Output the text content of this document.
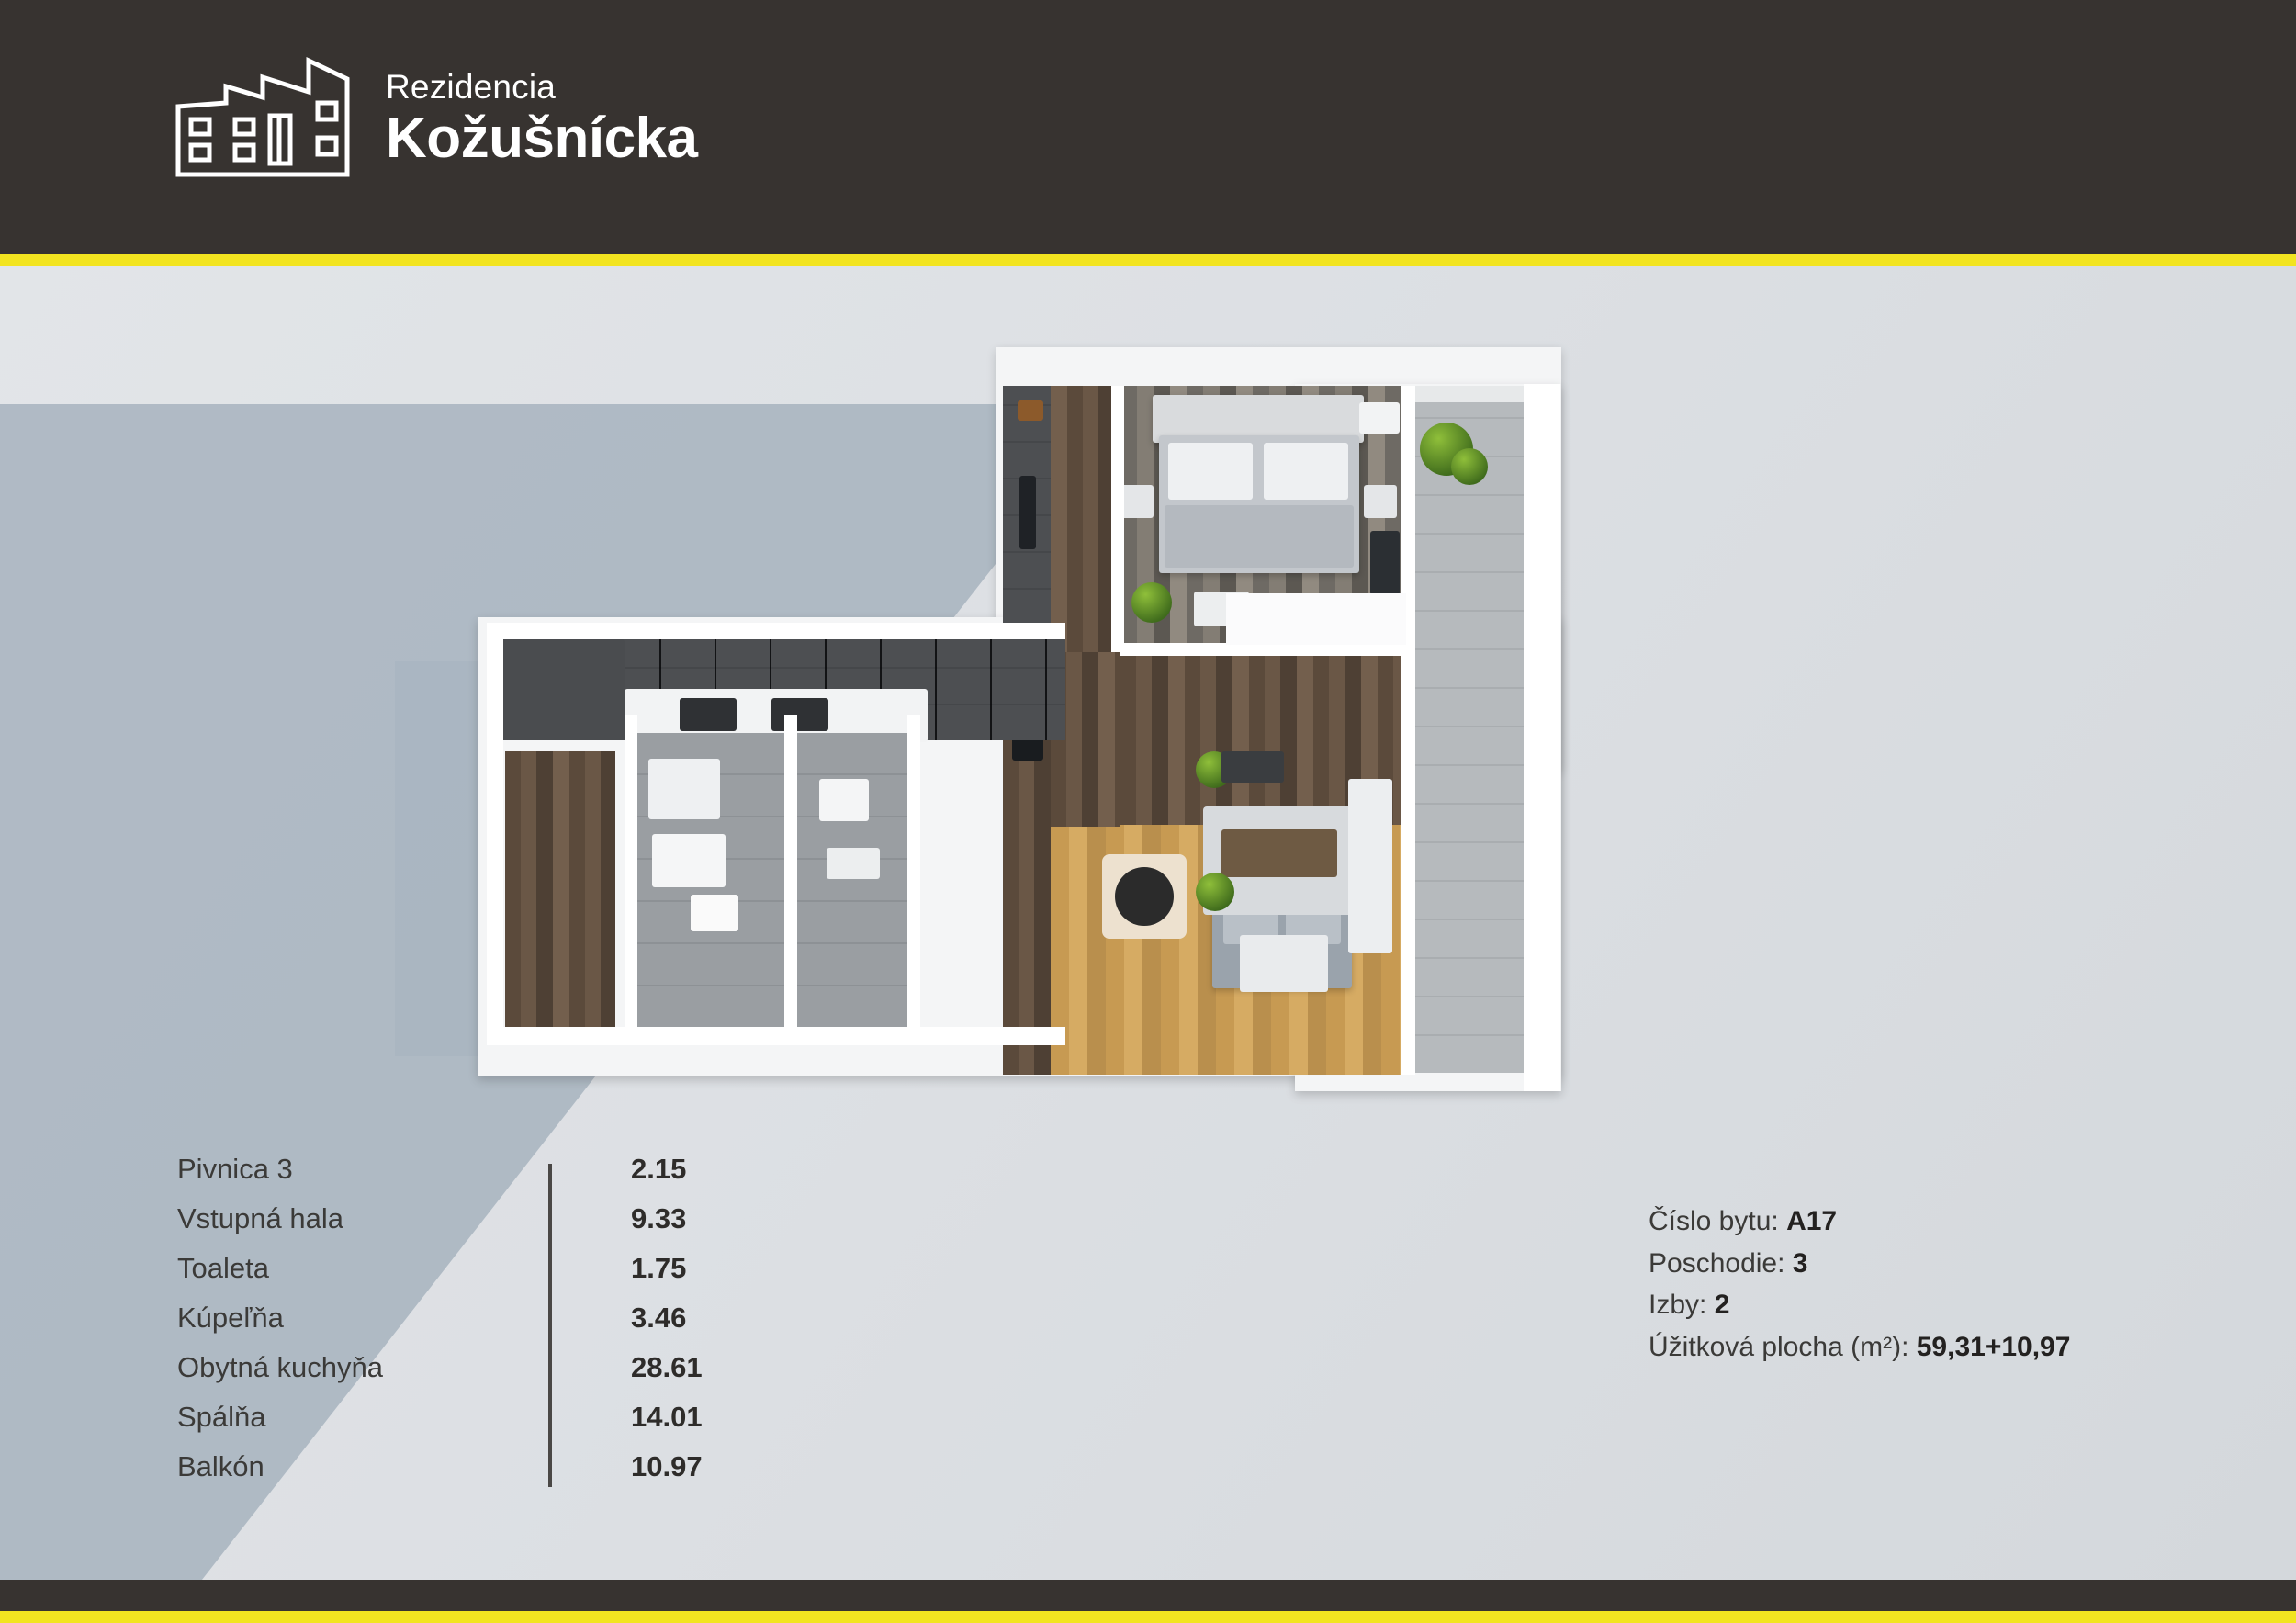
Rezidencia
Kožušnícka
Pivnica 3	2.15
Vstupná hala	9.33
Toaleta	1.75
Kúpeľňa	3.46
Obytná kuchyňa	28.61
Spálňa	14.01
Balkón	10.97
Číslo bytu: A17
Poschodie: 3
Izby: 2
Úžitková plocha (m²): 59,31+10,97
